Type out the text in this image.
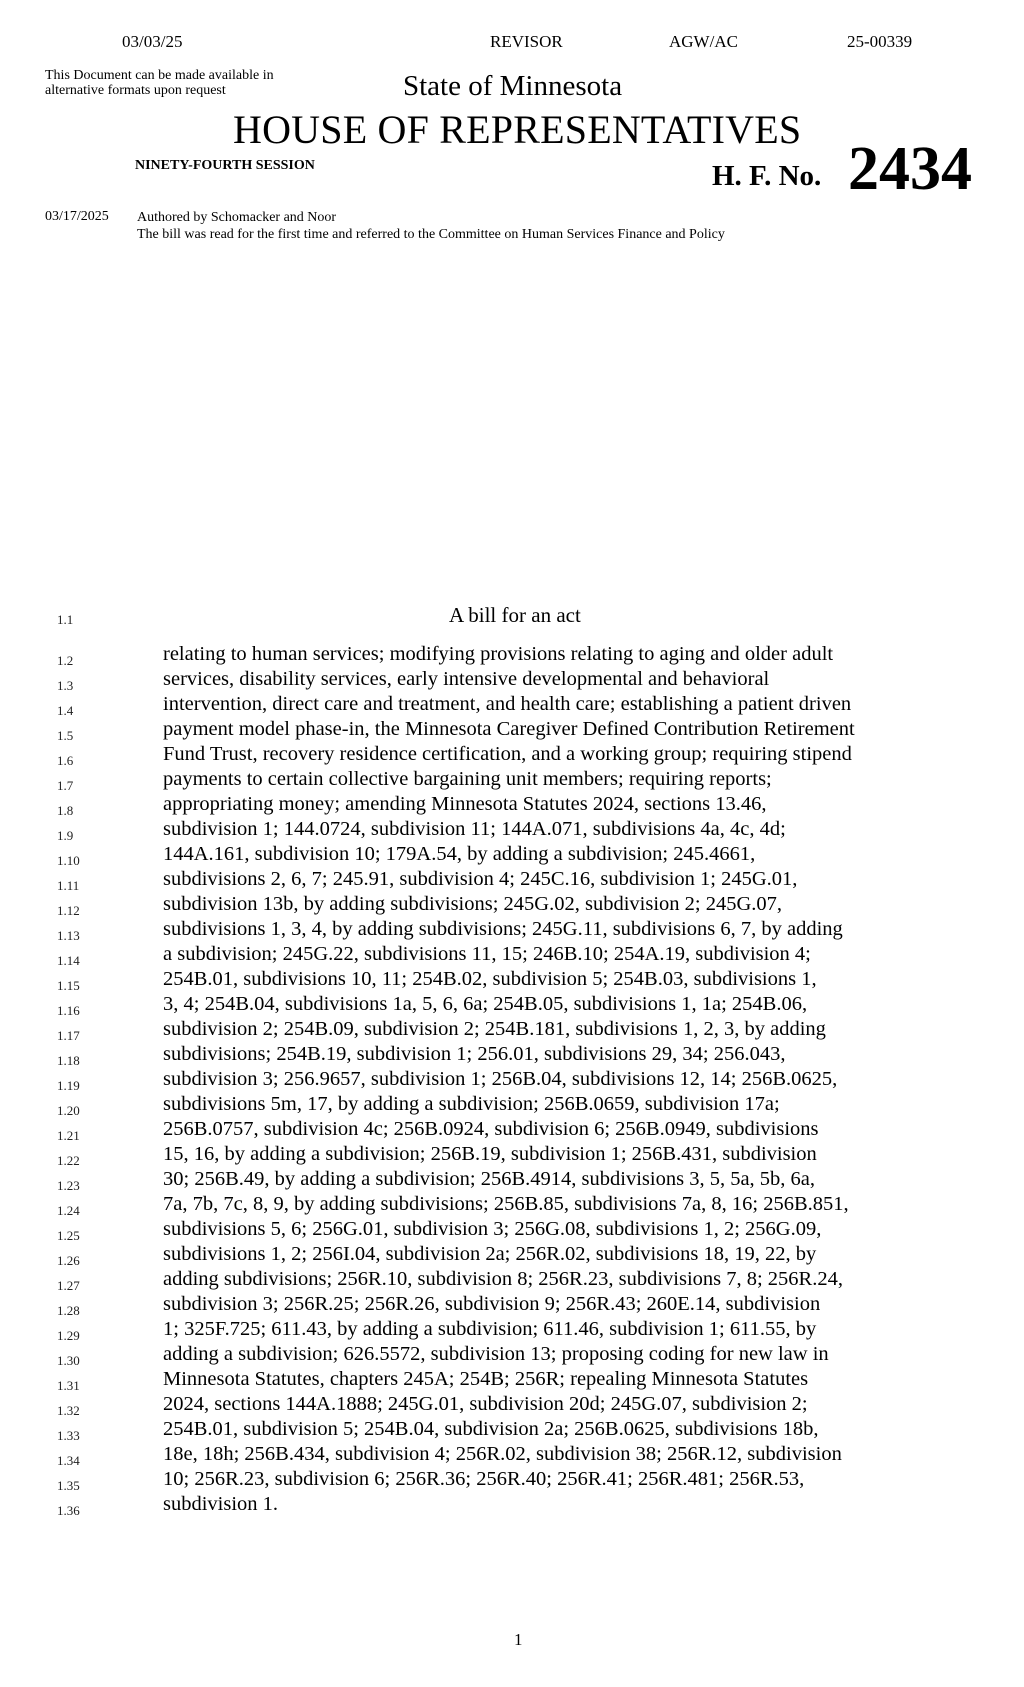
03/03/25	REVISOR	AGW/AC	25-00339
This Document can be made available in alternative formats upon request	State of Minnesota
HOUSE OF REPRESENTATIVES
NINETY-FOURTH SESSION	H. F. No. 2434
03/17/2025 Authored by Schomacker and Noor
The bill was read for the first time and referred to the Committee on Human Services Finance and Policy
1.1	A bill for an act
1.2	relating to human services; modifying provisions relating to aging and older adult
1.3	services, disability services, early intensive developmental and behavioral
1.4	intervention, direct care and treatment, and health care; establishing a patient driven
1.5	payment model phase-in, the Minnesota Caregiver Defined Contribution Retirement
1.6	Fund Trust, recovery residence certification, and a working group; requiring stipend
1.7	payments to certain collective bargaining unit members; requiring reports;
1.8	appropriating money; amending Minnesota Statutes 2024, sections 13.46,
1.9	subdivision 1; 144.0724, subdivision 11; 144A.071, subdivisions 4a, 4c, 4d;
1.10	144A.161, subdivision 10; 179A.54, by adding a subdivision; 245.4661,
1.11	subdivisions 2, 6, 7; 245.91, subdivision 4; 245C.16, subdivision 1; 245G.01,
1.12	subdivision 13b, by adding subdivisions; 245G.02, subdivision 2; 245G.07,
1.13	subdivisions 1, 3, 4, by adding subdivisions; 245G.11, subdivisions 6, 7, by adding
1.14	a subdivision; 245G.22, subdivisions 11, 15; 246B.10; 254A.19, subdivision 4;
1.15	254B.01, subdivisions 10, 11; 254B.02, subdivision 5; 254B.03, subdivisions 1,
1.16	3, 4; 254B.04, subdivisions 1a, 5, 6, 6a; 254B.05, subdivisions 1, 1a; 254B.06,
1.17	subdivision 2; 254B.09, subdivision 2; 254B.181, subdivisions 1, 2, 3, by adding
1.18	subdivisions; 254B.19, subdivision 1; 256.01, subdivisions 29, 34; 256.043,
1.19	subdivision 3; 256.9657, subdivision 1; 256B.04, subdivisions 12, 14; 256B.0625,
1.20	subdivisions 5m, 17, by adding a subdivision; 256B.0659, subdivision 17a;
1.21	256B.0757, subdivision 4c; 256B.0924, subdivision 6; 256B.0949, subdivisions
1.22	15, 16, by adding a subdivision; 256B.19, subdivision 1; 256B.431, subdivision
1.23	30; 256B.49, by adding a subdivision; 256B.4914, subdivisions 3, 5, 5a, 5b, 6a,
1.24	7a, 7b, 7c, 8, 9, by adding subdivisions; 256B.85, subdivisions 7a, 8, 16; 256B.851,
1.25	subdivisions 5, 6; 256G.01, subdivision 3; 256G.08, subdivisions 1, 2; 256G.09,
1.26	subdivisions 1, 2; 256I.04, subdivision 2a; 256R.02, subdivisions 18, 19, 22, by
1.27	adding subdivisions; 256R.10, subdivision 8; 256R.23, subdivisions 7, 8; 256R.24,
1.28	subdivision 3; 256R.25; 256R.26, subdivision 9; 256R.43; 260E.14, subdivision
1.29	1; 325F.725; 611.43, by adding a subdivision; 611.46, subdivision 1; 611.55, by
1.30	adding a subdivision; 626.5572, subdivision 13; proposing coding for new law in
1.31	Minnesota Statutes, chapters 245A; 254B; 256R; repealing Minnesota Statutes
1.32	2024, sections 144A.1888; 245G.01, subdivision 20d; 245G.07, subdivision 2;
1.33	254B.01, subdivision 5; 254B.04, subdivision 2a; 256B.0625, subdivisions 18b,
1.34	18e, 18h; 256B.434, subdivision 4; 256R.02, subdivision 38; 256R.12, subdivision
1.35	10; 256R.23, subdivision 6; 256R.36; 256R.40; 256R.41; 256R.481; 256R.53,
1.36	subdivision 1.
1
